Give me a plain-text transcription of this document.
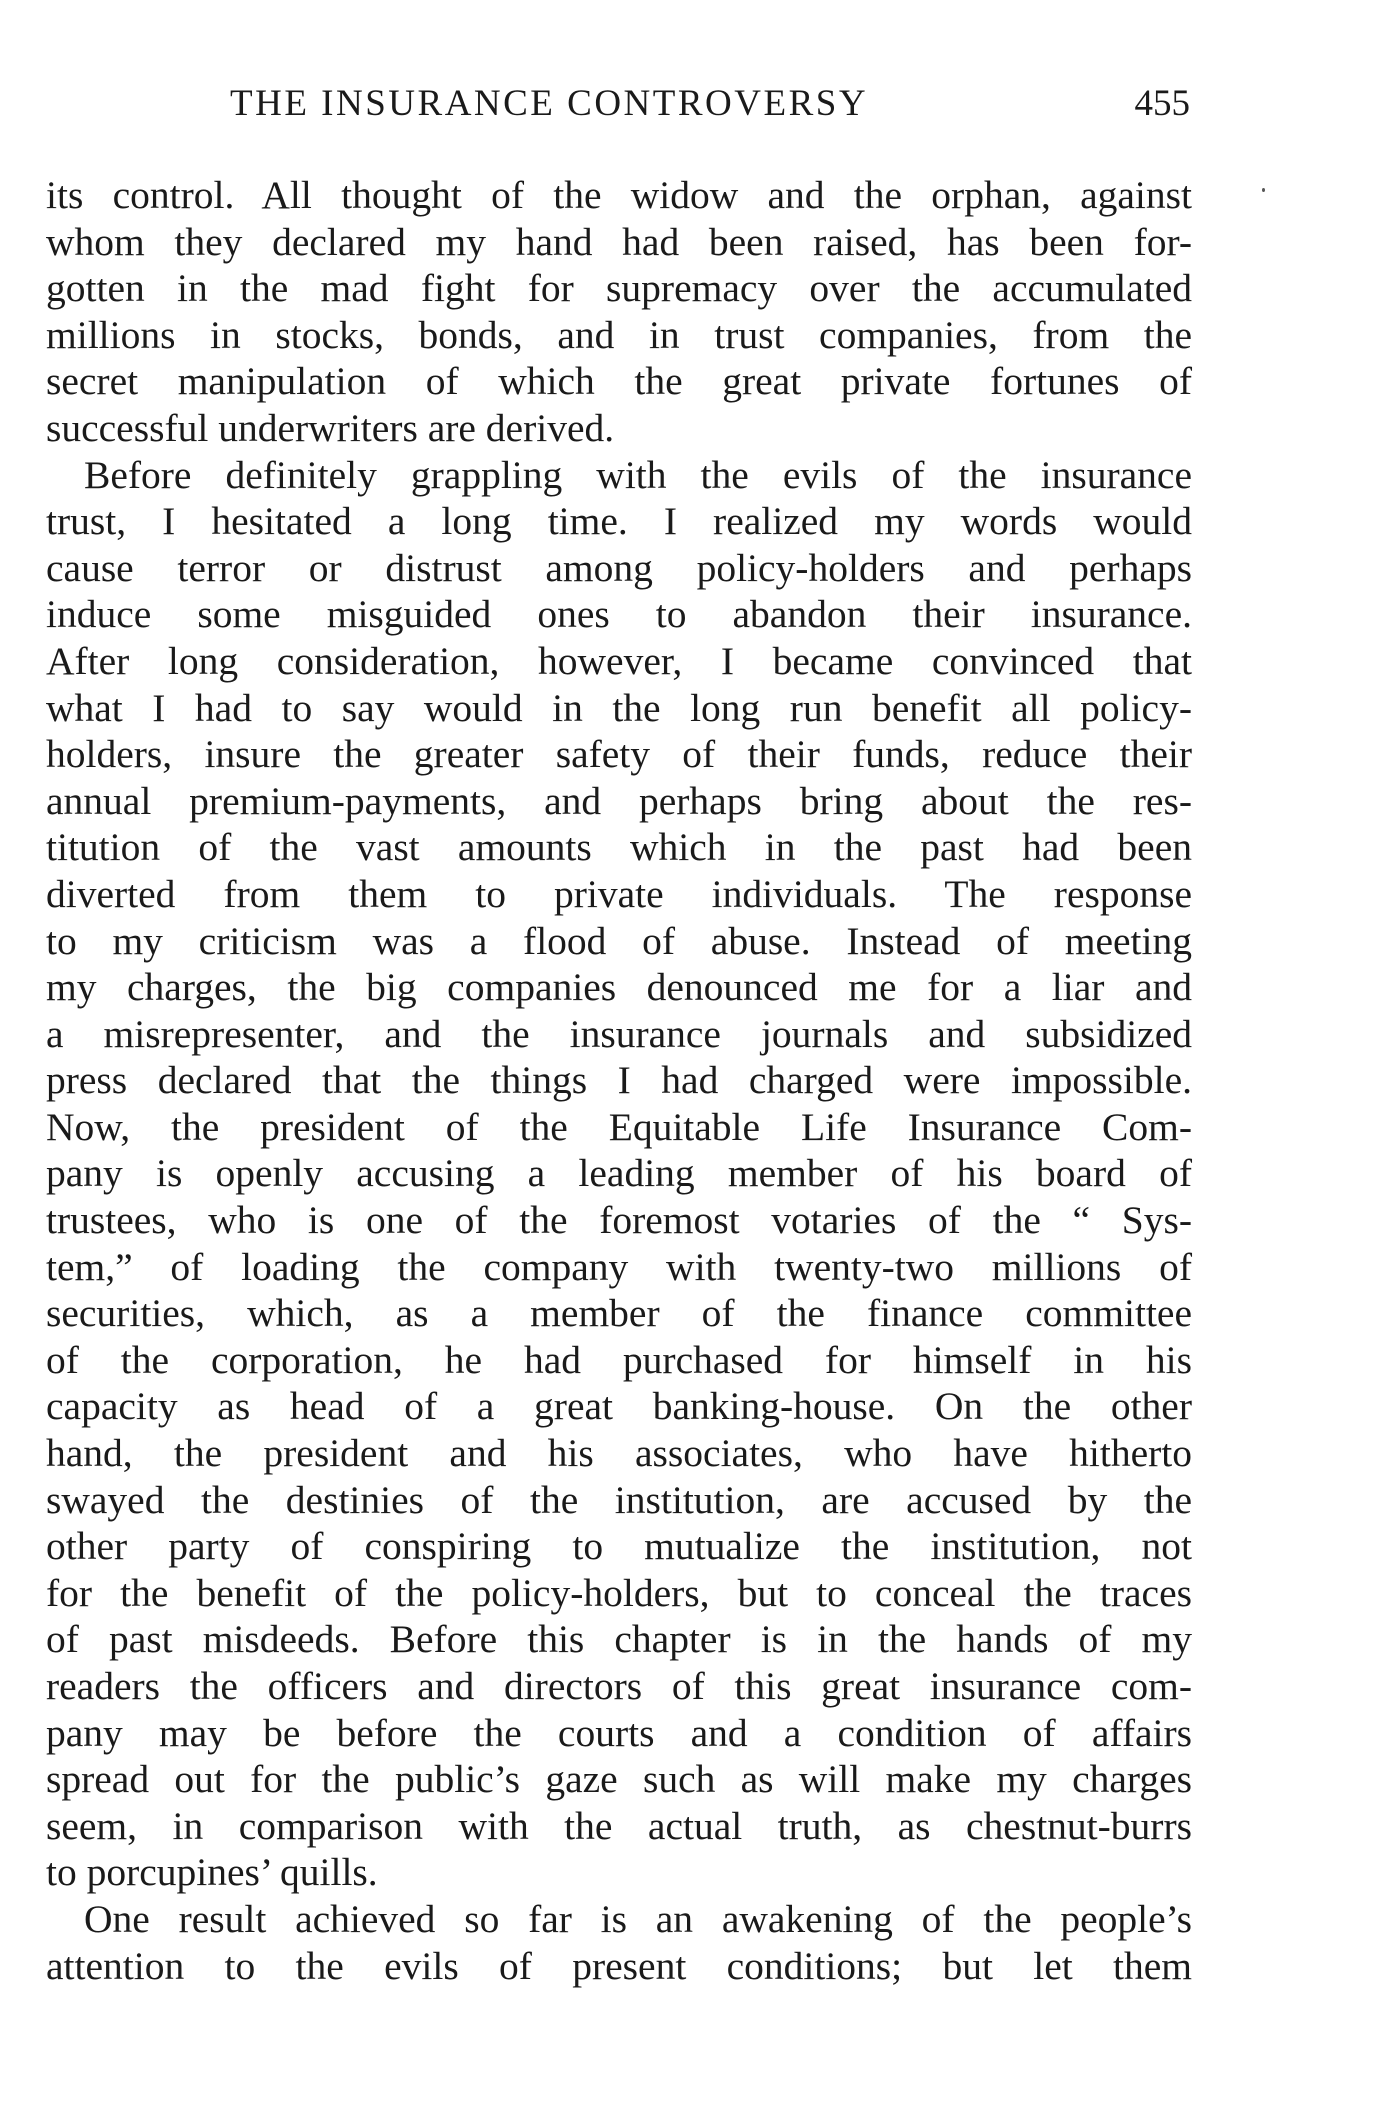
THE INSURANCE CONTROVERSY	455
its control. All thought of the widow and the orphan, against
whom they declared my hand had been raised, has been for-
gotten in the mad fight for supremacy over the accumulated
millions in stocks, bonds, and in trust companies, from the
secret manipulation of which the great private fortunes of
successful underwriters are derived.
Before definitely grappling with the evils of the insurance
trust, I hesitated a long time. I realized my words would
cause terror or distrust among policy-holders and perhaps
induce some misguided ones to abandon their insurance.
After long consideration, however, I became convinced that
what I had to say would in the long run benefit all policy-
holders, insure the greater safety of their funds, reduce their
annual premium-payments, and perhaps bring about the res-
titution of the vast amounts which in the past had been
diverted from them to private individuals. The response
to my criticism was a flood of abuse. Instead of meeting
my charges, the big companies denounced me for a liar and
a misrepresenter, and the insurance journals and subsidized
press declared that the things I had charged were impossible.
Now, the president of the Equitable Life Insurance Com-
pany is openly accusing a leading member of his board of
trustees, who is one of the foremost votaries of the “ Sys-
tem,” of loading the company with twenty-two millions of
securities, which, as a member of the finance committee
of the corporation, he had purchased for himself in his
capacity as head of a great banking-house. On the other
hand, the president and his associates, who have hitherto
swayed the destinies of the institution, are accused by the
other party of conspiring to mutualize the institution, not
for the benefit of the policy-holders, but to conceal the traces
of past misdeeds. Before this chapter is in the hands of my
readers the officers and directors of this great insurance com-
pany may be before the courts and a condition of affairs
spread out for the public’s gaze such as will make my charges
seem, in comparison with the actual truth, as chestnut-burrs
to porcupines’ quills.
One result achieved so far is an awakening of the people’s
attention to the evils of present conditions; but let them
